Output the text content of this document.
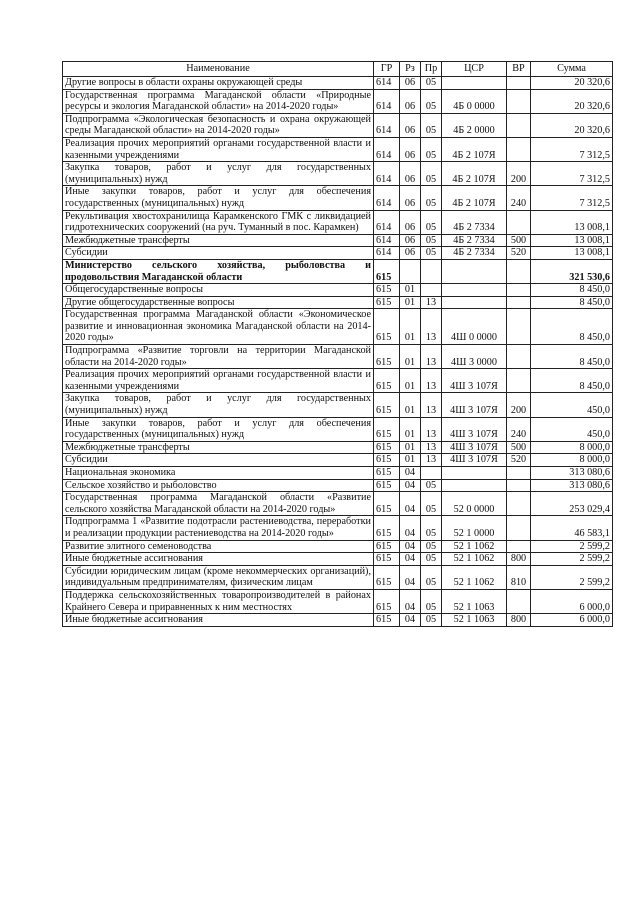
Наименование	ГР	Рз	Пр	ЦСР	ВР	Сумма
Другие вопросы в области охраны окружающей среды	614	06	05			20 320,6
Государственная программа Магаданской области «Природные ресурсы и экология Магаданской области» на 2014-2020 годы»	614	06	05	4Б 0 0000		20 320,6
Подпрограмма «Экологическая безопасность и охрана окружающей среды Магаданской области» на 2014-2020 годы»	614	06	05	4Б 2 0000		20 320,6
Реализация прочих мероприятий органами государственной власти и казенными учреждениями	614	06	05	4Б 2 107Я		7 312,5
Закупка товаров, работ и услуг для государственных (муниципальных) нужд	614	06	05	4Б 2 107Я	200	7 312,5
Иные закупки товаров, работ и услуг для обеспечения государственных (муниципальных) нужд	614	06	05	4Б 2 107Я	240	7 312,5
Рекультивация хвостохранилища Карамкенского ГМК с ликвидацией гидротехнических сооружений (на руч. Туманный в пос. Карамкен)	614	06	05	4Б 2 7334		13 008,1
Межбюджетные трансферты	614	06	05	4Б 2 7334	500	13 008,1
Субсидии	614	06	05	4Б 2 7334	520	13 008,1
Министерство сельского хозяйства, рыболовства и продовольствия Магаданской области	615					321 530,6
Общегосударственные вопросы	615	01				8 450,0
Другие общегосударственные вопросы	615	01	13			8 450,0
Государственная программа Магаданской области «Экономическое развитие и инновационная экономика Магаданской области на 2014-2020 годы»	615	01	13	4Ш 0 0000		8 450,0
Подпрограмма «Развитие торговли на территории Магаданской области на 2014-2020 годы»	615	01	13	4Ш 3 0000		8 450,0
Реализация прочих мероприятий органами государственной власти и казенными учреждениями	615	01	13	4Ш 3 107Я		8 450,0
Закупка товаров, работ и услуг для государственных (муниципальных) нужд	615	01	13	4Ш 3 107Я	200	450,0
Иные закупки товаров, работ и услуг для обеспечения государственных (муниципальных) нужд	615	01	13	4Ш 3 107Я	240	450,0
Межбюджетные трансферты	615	01	13	4Ш 3 107Я	500	8 000,0
Субсидии	615	01	13	4Ш 3 107Я	520	8 000,0
Национальная экономика	615	04				313 080,6
Сельское хозяйство и рыболовство	615	04	05			313 080,6
Государственная программа Магаданской области «Развитие сельского хозяйства Магаданской области на 2014-2020 годы»	615	04	05	52 0 0000		253 029,4
Подпрограмма 1 «Развитие подотрасли растениеводства, переработки и реализации продукции растениеводства на 2014-2020 годы»	615	04	05	52 1 0000		46 583,1
Развитие элитного семеноводства	615	04	05	52 1 1062		2 599,2
Иные бюджетные ассигнования	615	04	05	52 1 1062	800	2 599,2
Субсидии юридическим лицам (кроме некоммерческих организаций), индивидуальным предпринимателям, физическим лицам	615	04	05	52 1 1062	810	2 599,2
Поддержка сельскохозяйственных товаропроизводителей в районах Крайнего Севера и приравненных к ним местностях	615	04	05	52 1 1063		6 000,0
Иные бюджетные ассигнования	615	04	05	52 1 1063	800	6 000,0
